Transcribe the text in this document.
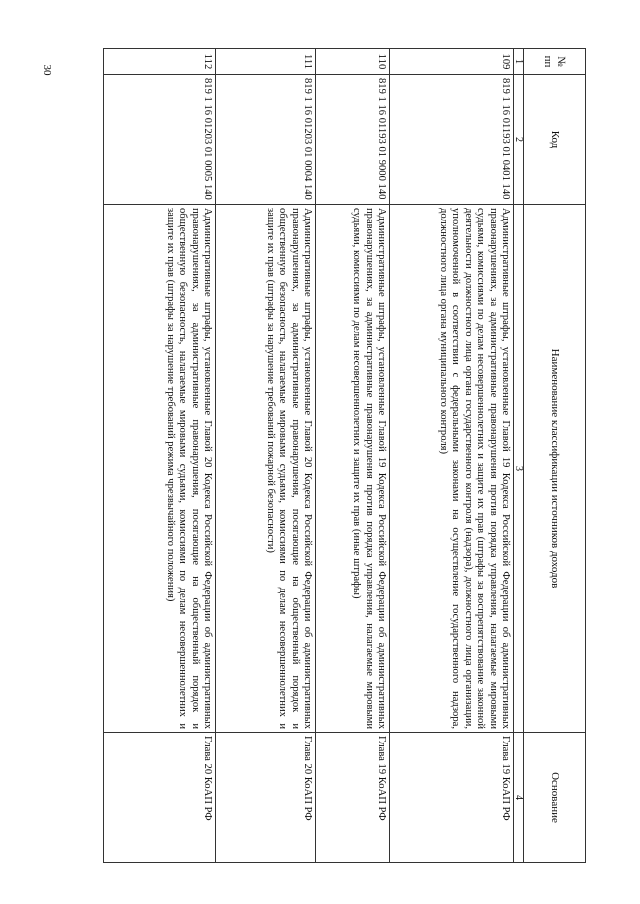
30
№ пп	Код	Наименование классификации источников доходов	Основание
1	2	3	4
109	819 1 16 01193 01 0401 140	Административные штрафы, установленные Главой 19 Кодекса Российской Федерации об административных правонарушениях, за административные правонарушения против порядка управления, налагаемые мировыми судьями, комиссиями по делам несовершеннолетних и защите их прав (штрафы за воспрепятствование законной деятельности должностного лица органа государственного контроля (надзора), должностного лица организации, уполномоченной в соответствии с федеральными законами на осуществление государственного надзора, должностного лица органа муниципального контроля)	Глава 19 КоАП РФ
110	819 1 16 01193 01 9000 140	Административные штрафы, установленные Главой 19 Кодекса Российской Федерации об административных правонарушениях, за административные правонарушения против порядка управления, налагаемые мировыми судьями, комиссиями по делам несовершеннолетних и защите их прав (иные штрафы)	Глава 19 КоАП РФ
111	819 1 16 01203 01 0004 140	Административные штрафы, установленные Главой 20 Кодекса Российской Федерации об административных правонарушениях, за административные правонарушения, посягающие на общественный порядок и общественную безопасность, налагаемые мировыми судьями, комиссиями по делам несовершеннолетних и защите их прав (штрафы за нарушение требований пожарной безопасности)	Глава 20 КоАП РФ
112	819 1 16 01203 01 0005 140	Административные штрафы, установленные Главой 20 Кодекса Российской Федерации об административных правонарушениях, за административные правонарушения, посягающие на общественный порядок и общественную безопасность, налагаемые мировыми судьями, комиссиями по делам несовершеннолетних и защите их прав (штрафы за нарушение требований режима чрезвычайного положения)	Глава 20 КоАП РФ
